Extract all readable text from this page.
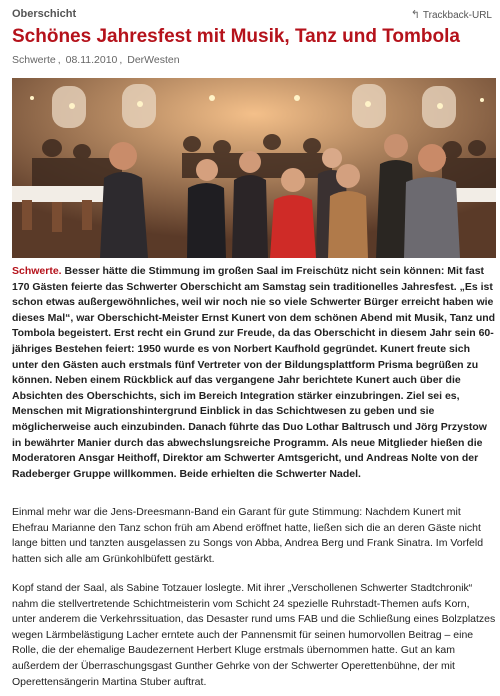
Oberschicht	↰ Trackback-URL
Schönes Jahresfest mit Musik, Tanz und Tombola
Schwerte , 08.11.2010 , DerWesten

Schwerte. Besser hätte die Stimmung im großen Saal im Freischütz nicht sein können: Mit fast 170 Gästen feierte das Schwerter Oberschicht am Samstag sein traditionelles Jahresfest. „Es ist schon etwas außergewöhnliches, weil wir noch nie so viele Schwerter Bürger erreicht haben wie dieses Mal“, war Oberschicht-Meister Ernst Kunert von dem schönen Abend mit Musik, Tanz und Tombola begeistert. Erst recht ein Grund zur Freude, da das Oberschicht in diesem Jahr sein 60-jähriges Bestehen feiert: 1950 wurde es von Norbert Kaufhold gegründet. Kunert freute sich unter den Gästen auch erstmals fünf Vertreter von der Bildungsplattform Prisma begrüßen zu können. Neben einem Rückblick auf das vergangene Jahr berichtete Kunert auch über die Absichten des Oberschichts, sich im Bereich Integration stärker einzubringen. Ziel sei es, Menschen mit Migrationshintergrund Einblick in das Schichtwesen zu geben und sie möglicherweise auch einzubinden. Danach führte das Duo Lothar Baltrusch und Jörg Przystow in bewährter Manier durch das abwechslungsreiche Programm. Als neue Mitglieder hießen die Moderatoren Ansgar Heithoff, Direktor am Schwerter Amtsgericht, und Andreas Nolte von der Radeberger Gruppe willkommen. Beide erhielten die Schwerter Nadel.

Einmal mehr war die Jens-Dreesmann-Band ein Garant für gute Stimmung: Nachdem Kunert mit Ehefrau Marianne den Tanz schon früh am Abend eröffnet hatte, ließen sich die an deren Gäste nicht lange bitten und tanzten ausgelassen zu Songs von Abba, Andrea Berg und Frank Sinatra. Im Vorfeld hatten sich alle am Grünkohlbüfett gestärkt.

Kopf stand der Saal, als Sabine Totzauer loslegte. Mit ihrer „Verschollenen Schwerter Stadtchronik“ nahm die stellvertretende Schichtmeisterin vom Schicht 24 spezielle Ruhrstadt-Themen aufs Korn, unter anderem die Verkehrssituation, das Desaster rund ums FAB und die Schließung eines Bolzplatzes wegen Lärmbelästigung Lacher erntete auch der Pannensmit für seinen humorvollen Beitrag – eine Rolle, die der ehemalige Baudezernent Herbert Kluge erstmals übernommen hatte. Gut an kam außerdem der Überraschungsgast Gunther Gehrke von der Schwerter Operettenbühne, der mit Operettensängerin Martina Stuber auftrat.
